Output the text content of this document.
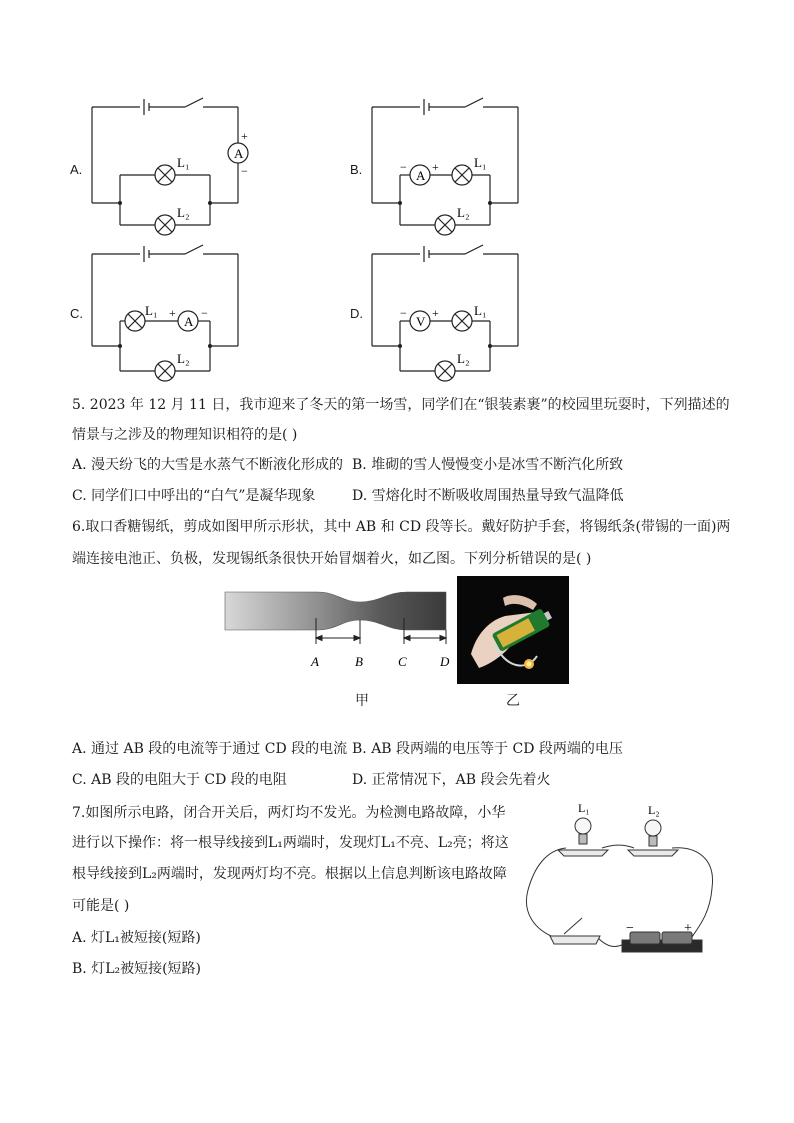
A.
A
+
−
L₁
L₂
B.	A
− +	L₁
L₂
C.
A
+ −
L₁
L₂
D.
V
− +	L₁
L₂
5. 2023 年 12 月 11 日，我市迎来了冬天的第一场雪，同学们在“银装素裹”的校园里玩耍时，下列描述的
情景与之涉及的物理知识相符的是( )
A. 漫天纷飞的大雪是水蒸气不断液化形成的 B. 堆砌的雪人慢慢变小是冰雪不断汽化所致
C. 同学们口中呼出的“白气”是凝华现象	D. 雪熔化时不断吸收周围热量导致气温降低
6.取口香糖锡纸，剪成如图甲所示形状，其中 AB 和 CD 段等长。戴好防护手套，将锡纸条(带锡的一面)两
端连接电池正、负极，发现锡纸条很快开始冒烟着火，如乙图。下列分析错误的是( )
A	B	C	D
甲	乙
A. 通过 AB 段的电流等于通过 CD 段的电流 B. AB 段两端的电压等于 CD 段两端的电压
C. AB 段的电阻大于 CD 段的电阻	D. 正常情况下，AB 段会先着火
7.如图所示电路，闭合开关后，两灯均不发光。为检测电路故障，小华
进行以下操作：将一根导线接到L₁两端时，发现灯L₁不亮、L₂亮；将这
根导线接到L₂两端时，发现两灯均不亮。根据以上信息判断该电路故障
可能是( )
A. 灯L₁被短接(短路)
B. 灯L₂被短接(短路)
L₁	L₂
−	+
